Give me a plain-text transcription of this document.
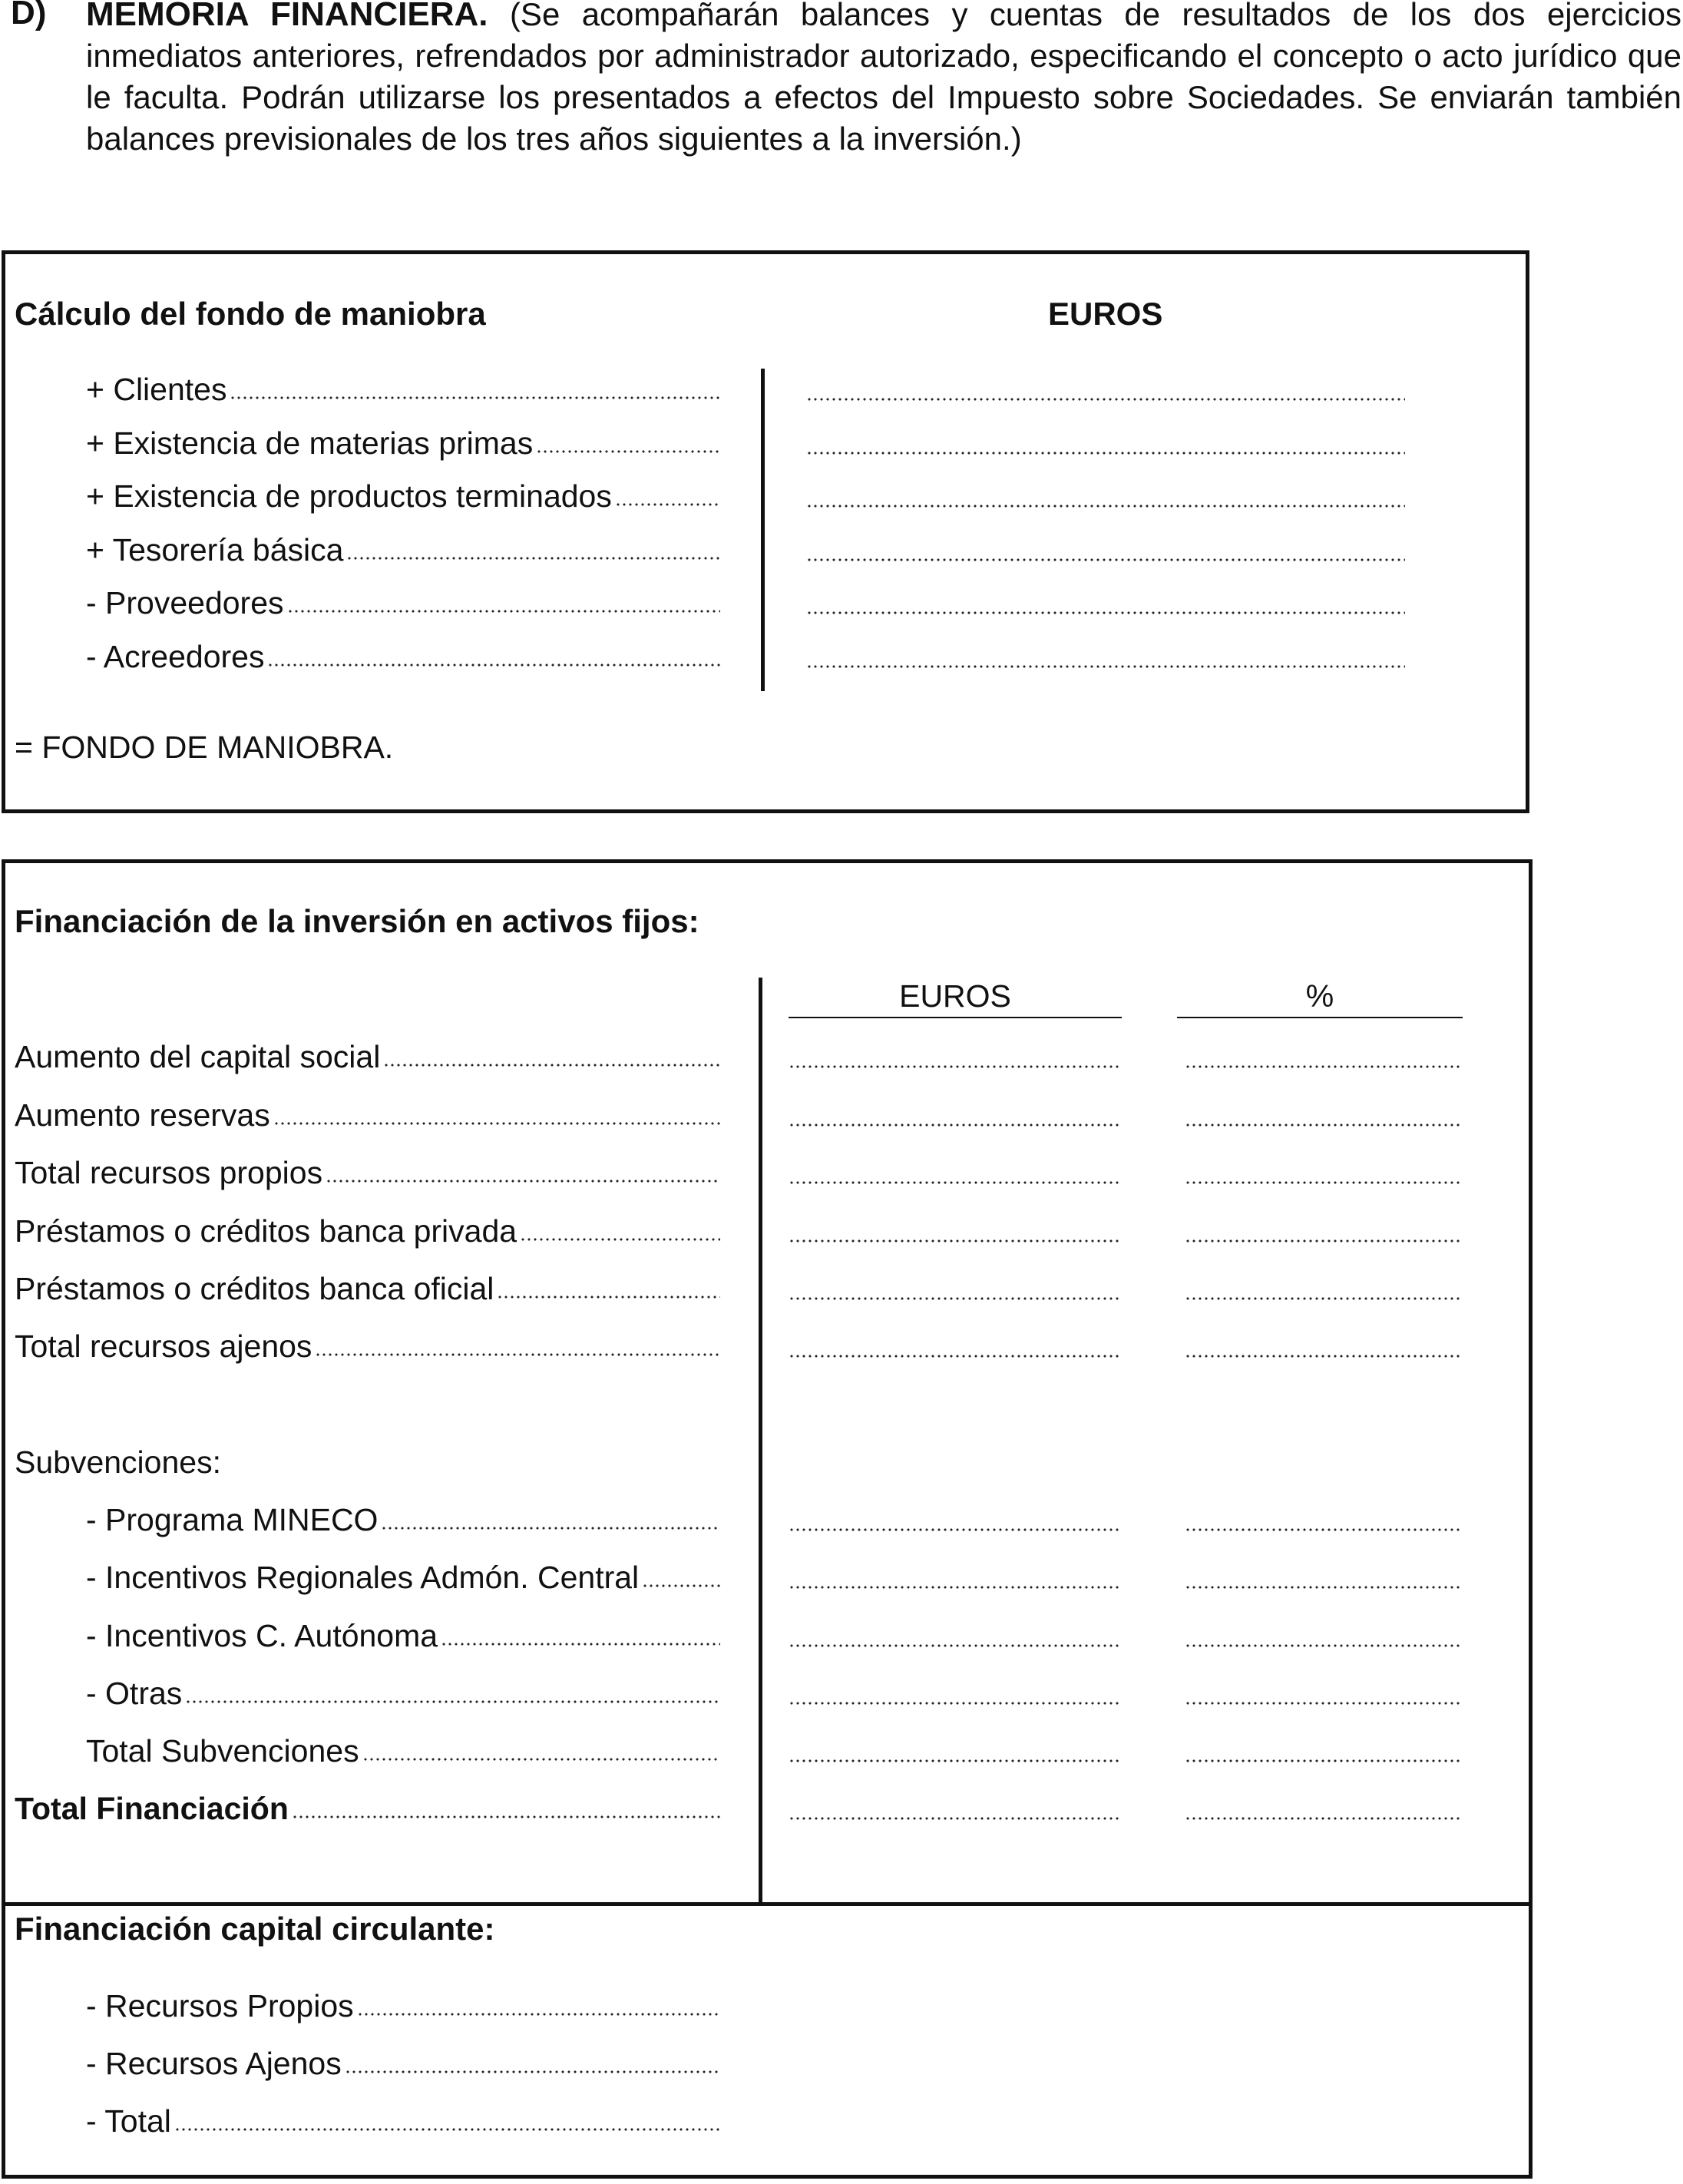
D) MEMORIA FINANCIERA. (Se acompañarán balances y cuentas de resultados de los dos ejercicios inmediatos anteriores, refrendados por administrador autorizado, especificando el concepto o acto jurídico que le faculta. Podrán utilizarse los presentados a efectos del Impuesto sobre Sociedades. Se enviarán también balances previsionales de los tres años siguientes a la inversión.)
Cálculo del fondo de maniobra	EUROS
+ Clientes
+ Existencia de materias primas
+ Existencia de productos terminados
+ Tesorería básica
- Proveedores
- Acreedores
= FONDO DE MANIOBRA.
Financiación de la inversión en activos fijos:
EUROS	%
Aumento del capital social
Aumento reservas
Total recursos propios
Préstamos o créditos banca privada
Préstamos o créditos banca oficial
Total recursos ajenos
Subvenciones:
- Programa MINECO
- Incentivos Regionales Admón. Central
- Incentivos C. Autónoma
- Otras
Total Subvenciones
Total Financiación
Financiación capital circulante:
- Recursos Propios
- Recursos Ajenos
- Total
